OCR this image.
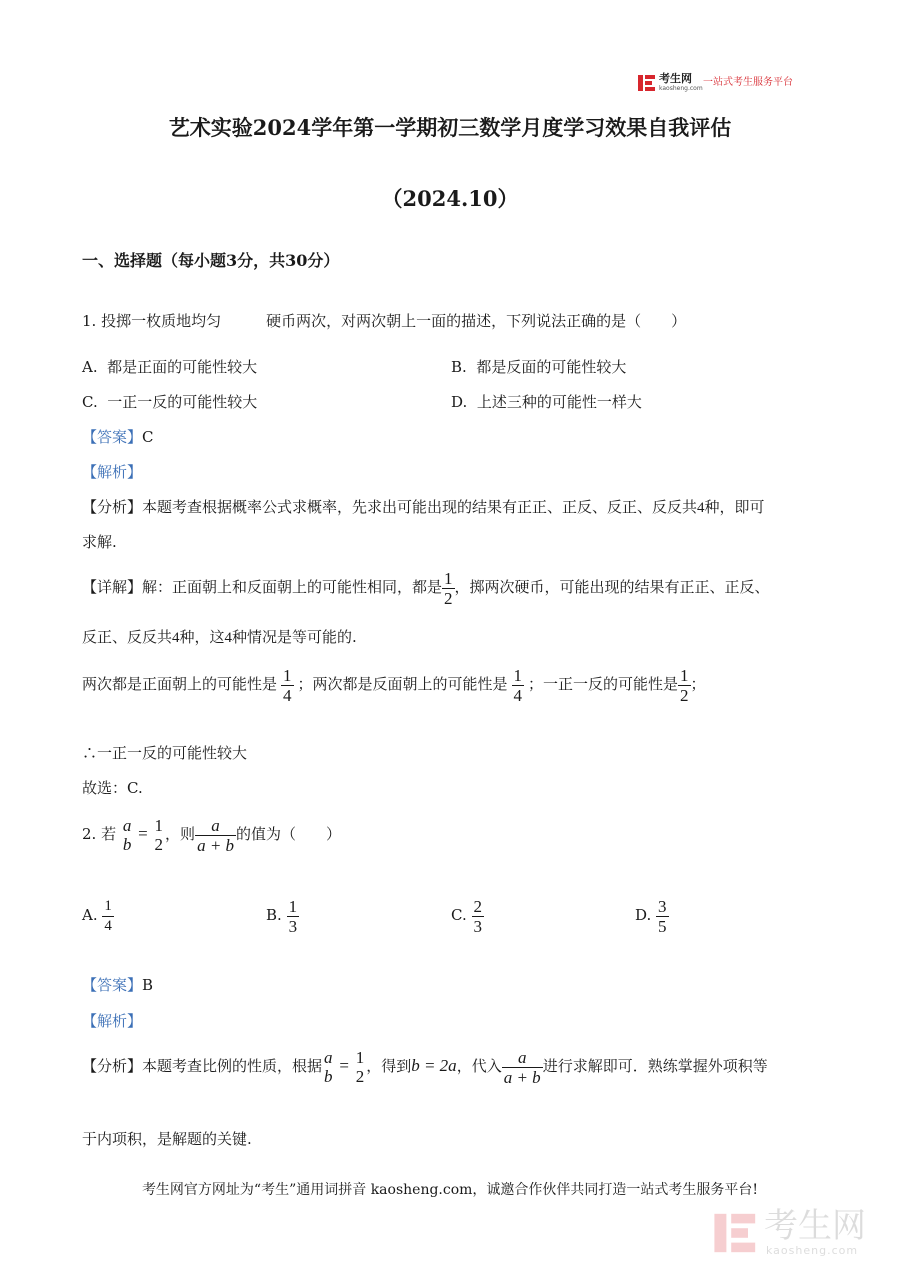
考生网
kaosheng.com
一站式考生服务平台
艺术实验2024学年第一学期初三数学月度学习效果自我评估
（2024.10）
一、选择题（每小题3分，共30分）
1. 投掷一枚质地均匀　　　硬币两次，对两次朝上一面的描述，下列说法正确的是（　　）
A. 都是正面的可能性较大	B. 都是反面的可能性较大
C. 一正一反的可能性较大	D. 上述三种的可能性一样大
【答案】C
【解析】
【分析】本题考查根据概率公式求概率，先求出可能出现的结果有正正、正反、反正、反反共4种，即可
求解.
【详解】解：正面朝上和反面朝上的可能性相同，都是 $\frac{1}{2}$ ，掷两次硬币，可能出现的结果有正正、正反、
反正、反反共4种，这4种情况是等可能的.
两次都是正面朝上的可能性是 $\frac{1}{4}$ ；两次都是反面朝上的可能性是 $\frac{1}{4}$ ；一正一反的可能性是 $\frac{1}{2}$ ；
∴一正一反的可能性较大
故选：C.
2. 若 a
b
= 1
2
，则 $\frac{a}{a + b}$ 的值为（　　）
A. $\frac{1}{4}$	B. $\frac{1}{3}$	C. $\frac{2}{3}$	D. $\frac{3}{5}$
【答案】B
【解析】
【分析】本题考查比例的性质，根据 a
b
= 1
2
，得到b = 2a，代入 $\frac{a}{a + b}$ 进行求解即可．熟练掌握外项积等
于内项积，是解题的关键.
考生网官方网址为“考生”通用词拼音 kaosheng.com，诚邀合作伙伴共同打造一站式考生服务平台!
考生网
kaosheng.com
